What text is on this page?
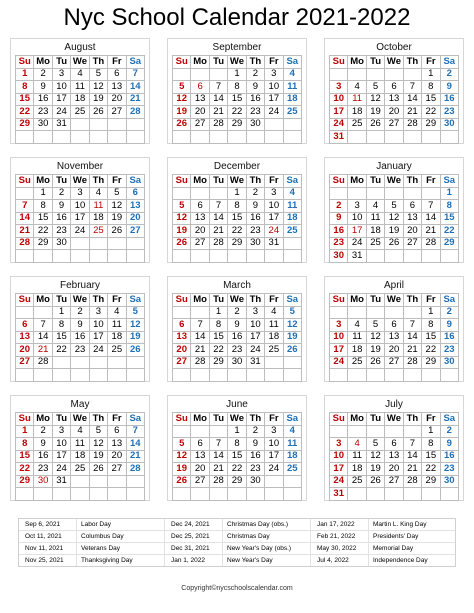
Nyc School Calendar 2021-2022
August
Su	Mo	Tu	We	Th	Fr	Sa
1	2	3	4	5	6	7
8	9	10	11	12	13	14
15	16	17	18	19	20	21
22	23	24	25	26	27	28
29	30	31				

September
Su	Mo	Tu	We	Th	Fr	Sa
			1	2	3	4
5	6	7	8	9	10	11
12	13	14	15	16	17	18
19	20	21	22	23	24	25
26	27	28	29	30		

October
Su	Mo	Tu	We	Th	Fr	Sa
					1	2
3	4	5	6	7	8	9
10	11	12	13	14	15	16
17	18	19	20	21	22	23
24	25	26	27	28	29	30
31						
November
Su	Mo	Tu	We	Th	Fr	Sa
	1	2	3	4	5	6
7	8	9	10	11	12	13
14	15	16	17	18	19	20
21	22	23	24	25	26	27
28	29	30				

December
Su	Mo	Tu	We	Th	Fr	Sa
			1	2	3	4
5	6	7	8	9	10	11
12	13	14	15	16	17	18
19	20	21	22	23	24	25
26	27	28	29	30	31	

January
Su	Mo	Tu	We	Th	Fr	Sa
						1
2	3	4	5	6	7	8
9	10	11	12	13	14	15
16	17	18	19	20	21	22
23	24	25	26	27	28	29
30	31					
February
Su	Mo	Tu	We	Th	Fr	Sa
		1	2	3	4	5
6	7	8	9	10	11	12
13	14	15	16	17	18	19
20	21	22	23	24	25	26
27	28					

March
Su	Mo	Tu	We	Th	Fr	Sa
		1	2	3	4	5
6	7	8	9	10	11	12
13	14	15	16	17	18	19
20	21	22	23	24	25	26
27	28	29	30	31		

April
Su	Mo	Tu	We	Th	Fr	Sa
					1	2
3	4	5	6	7	8	9
10	11	12	13	14	15	16
17	18	19	20	21	22	23
24	25	26	27	28	29	30

May
Su	Mo	Tu	We	Th	Fr	Sa
1	2	3	4	5	6	7
8	9	10	11	12	13	14
15	16	17	18	19	20	21
22	23	24	25	26	27	28
29	30	31				

June
Su	Mo	Tu	We	Th	Fr	Sa
			1	2	3	4
5	6	7	8	9	10	11
12	13	14	15	16	17	18
19	20	21	22	23	24	25
26	27	28	29	30		

July
Su	Mo	Tu	We	Th	Fr	Sa
					1	2
3	4	5	6	7	8	9
10	11	12	13	14	15	16
17	18	19	20	21	22	23
24	25	26	27	28	29	30
31						
Sep 6, 2021	Labor Day	Dec 24, 2021	Christmas Day (obs.)	Jan 17, 2022	Martin L. King Day
Oct 11, 2021	Columbus Day	Dec 25, 2021	Christmas Day	Feb 21, 2022	Presidents' Day
Nov 11, 2021	Veterans Day	Dec 31, 2021	New Year's Day (obs.)	May 30, 2022	Memorial Day
Nov 25, 2021	Thanksgiving Day	Jan 1, 2022	New Year's Day	Jul 4, 2022	Independence Day
Copyright©nycschoolscalendar.com
